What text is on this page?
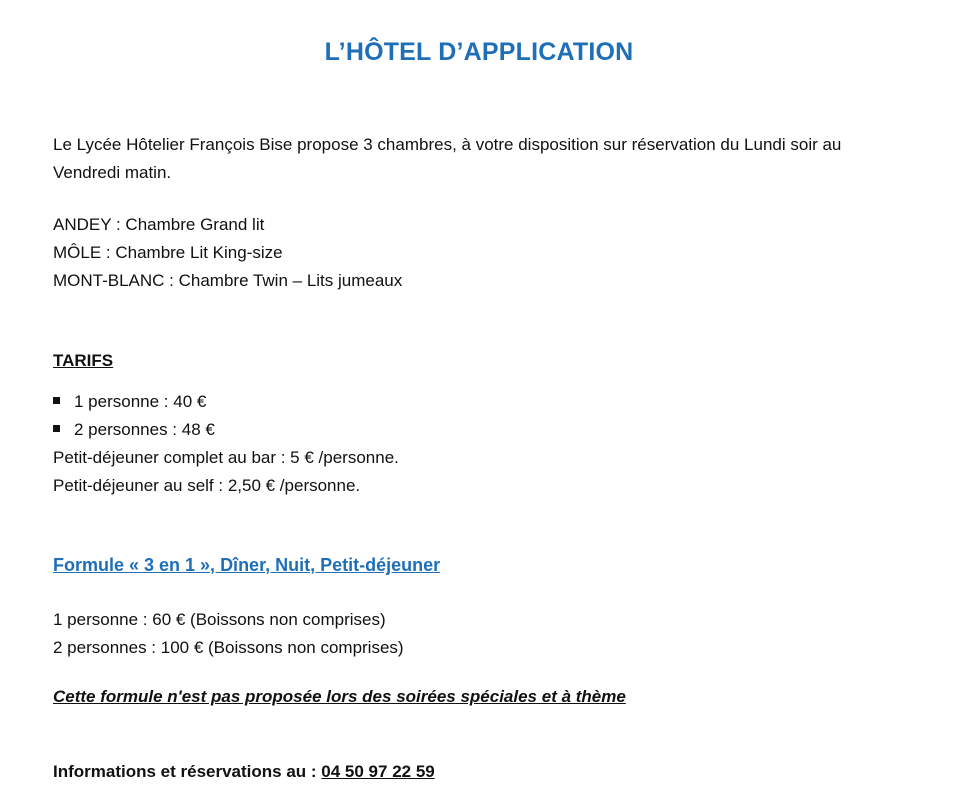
L’HÔTEL D’APPLICATION
Le Lycée Hôtelier François Bise propose 3 chambres, à votre disposition sur réservation du Lundi soir au Vendredi matin.
ANDEY : Chambre Grand lit
MÔLE : Chambre Lit King-size
MONT-BLANC : Chambre Twin – Lits jumeaux
TARIFS
1 personne : 40 €
2 personnes : 48 €
Petit-déjeuner complet au bar : 5 € /personne.
Petit-déjeuner au self : 2,50 € /personne.
Formule « 3 en 1 », Dîner, Nuit, Petit-déjeuner
1 personne : 60 € (Boissons non comprises)
2 personnes : 100 € (Boissons non comprises)
Cette formule n'est pas proposée lors des soirées spéciales et à thème
Informations et réservations au : 04 50 97 22 59
